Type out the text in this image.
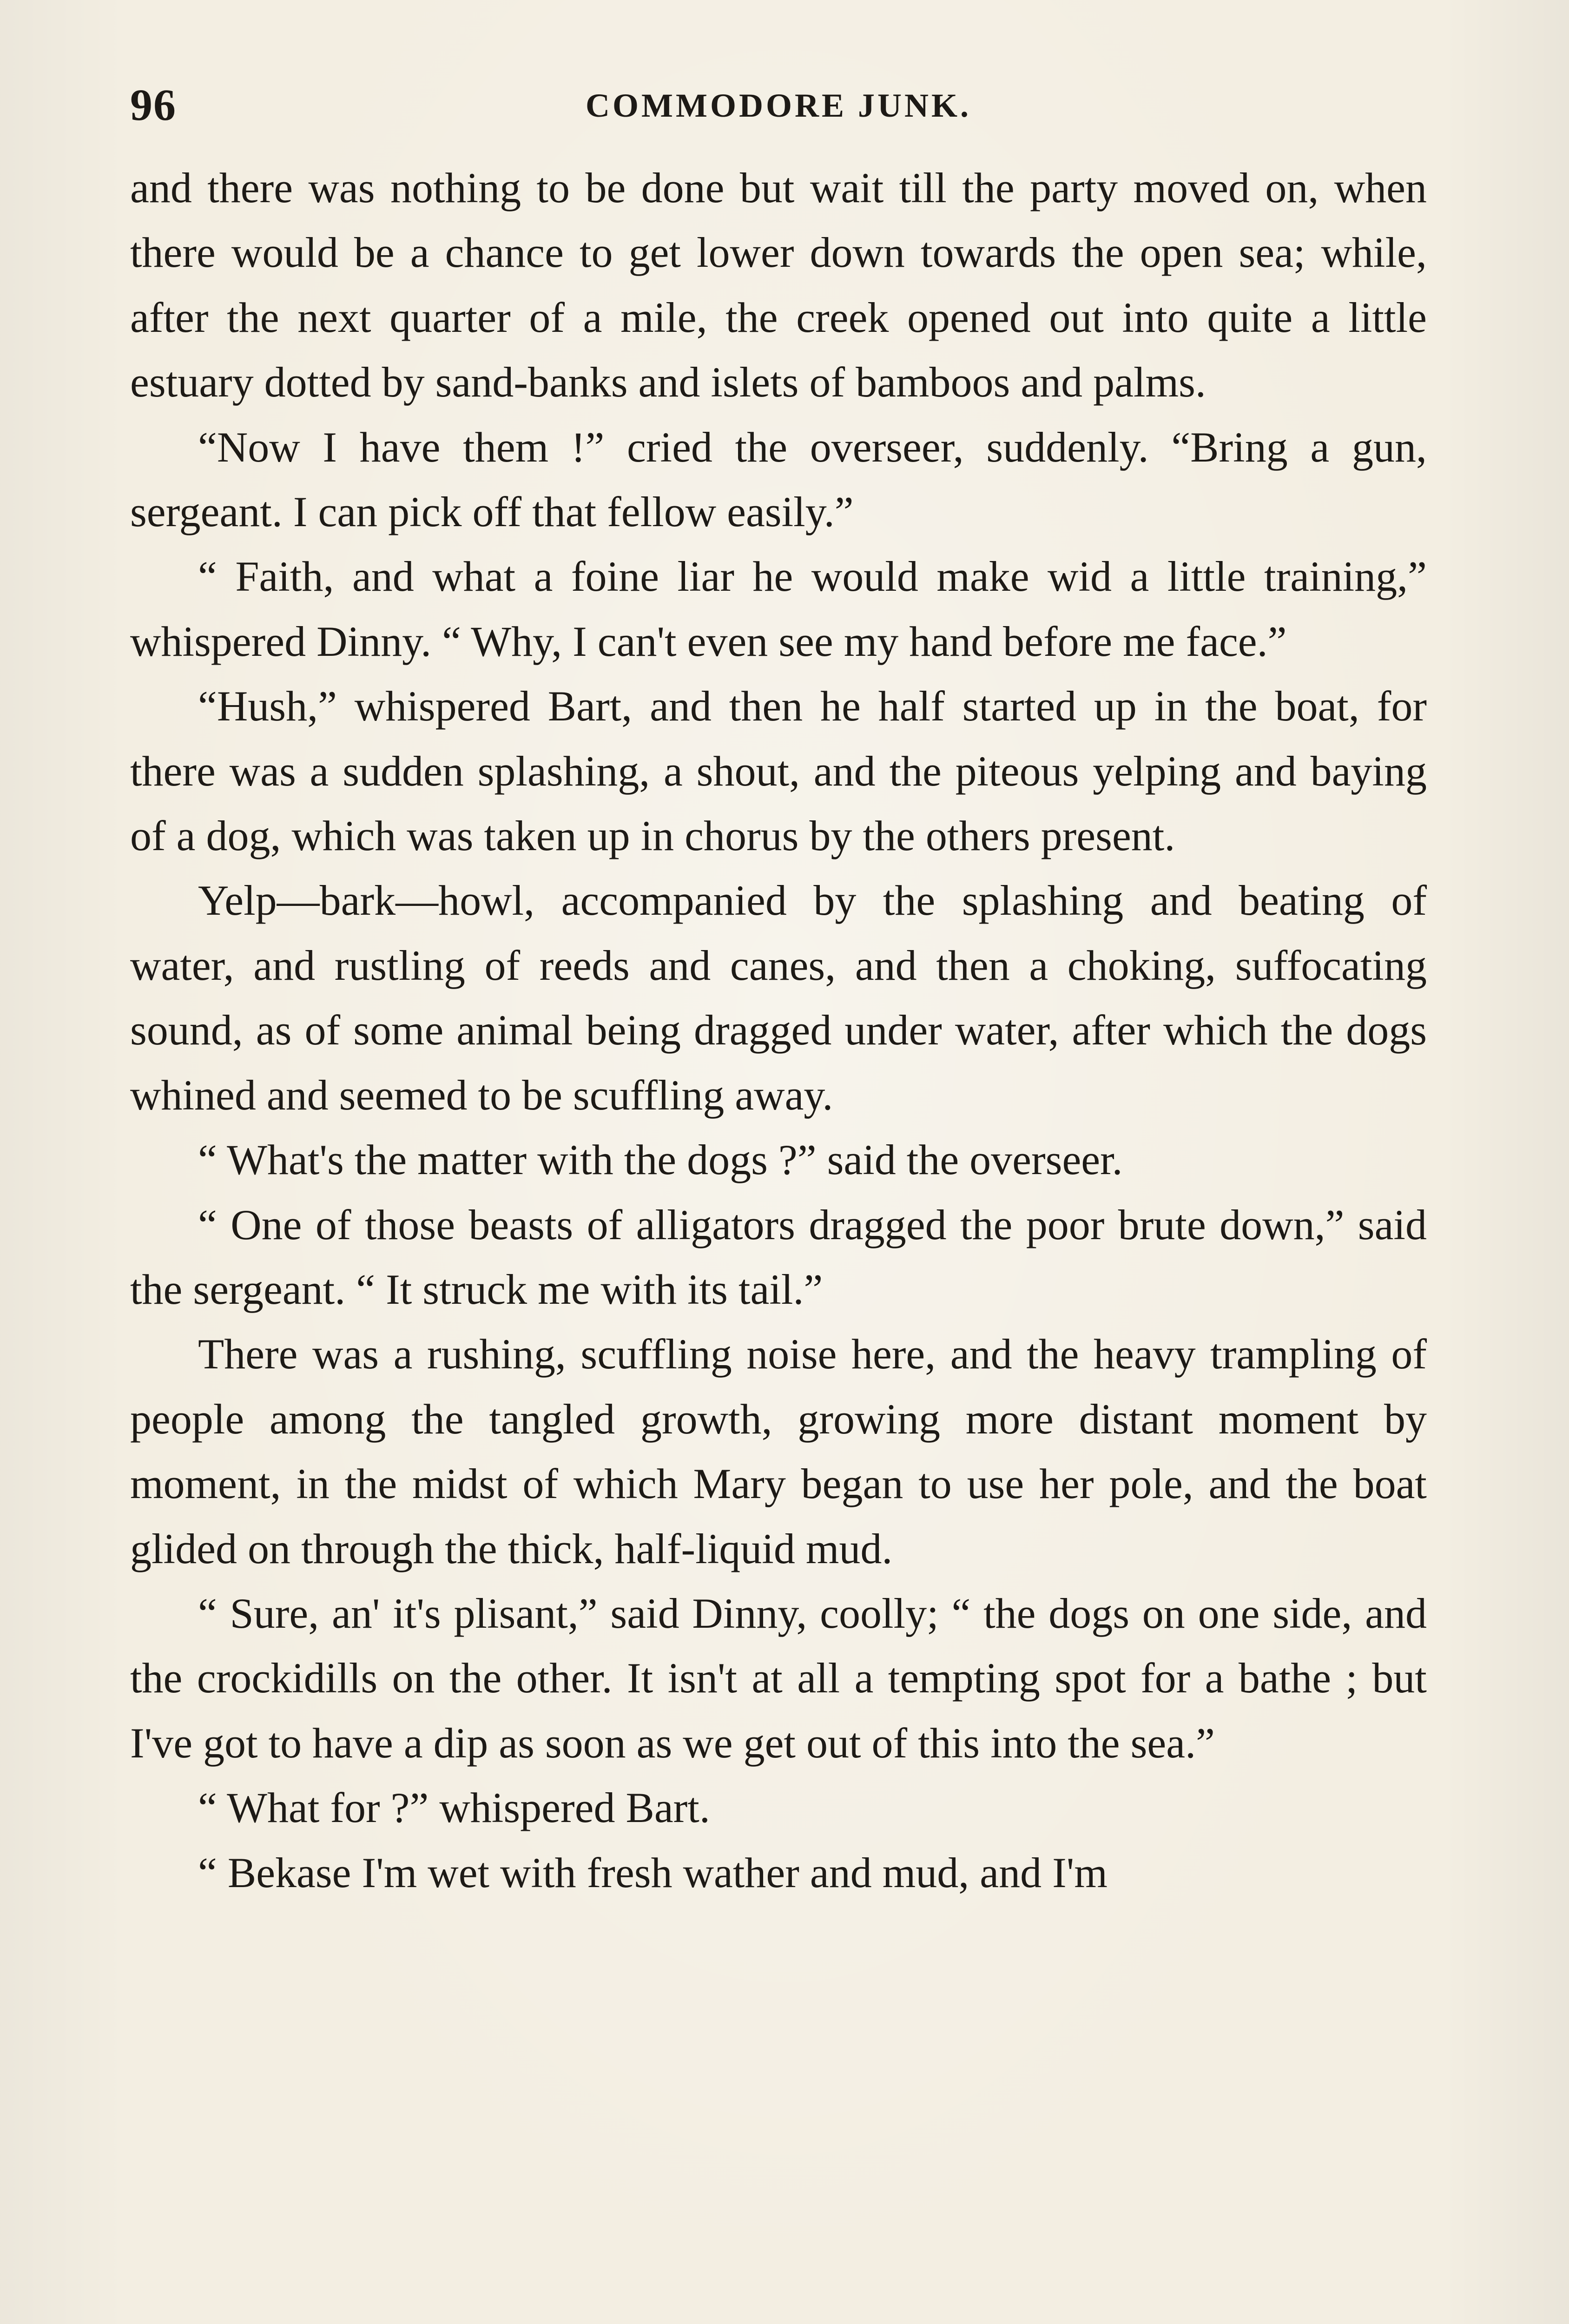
96	COMMODORE JUNK.

and there was nothing to be done but wait till the party moved on, when there would be a chance to get lower down towards the open sea; while, after the next quarter of a mile, the creek opened out into quite a little estuary dotted by sand-banks and islets of bamboos and palms.

“Now I have them !” cried the overseer, suddenly. “Bring a gun, sergeant. I can pick off that fellow easily.”

“ Faith, and what a foine liar he would make wid a little training,” whispered Dinny. “ Why, I can't even see my hand before me face.”

“Hush,” whispered Bart, and then he half started up in the boat, for there was a sudden splashing, a shout, and the piteous yelping and baying of a dog, which was taken up in chorus by the others present.

Yelp—bark—howl, accompanied by the splashing and beating of water, and rustling of reeds and canes, and then a choking, suffocating sound, as of some animal being dragged under water, after which the dogs whined and seemed to be scuffling away.

“ What's the matter with the dogs ?” said the overseer.

“ One of those beasts of alligators dragged the poor brute down,” said the sergeant. “ It struck me with its tail.”

There was a rushing, scuffling noise here, and the heavy trampling of people among the tangled growth, growing more distant moment by moment, in the midst of which Mary began to use her pole, and the boat glided on through the thick, half-liquid mud.

“ Sure, an' it's plisant,” said Dinny, coolly; “ the dogs on one side, and the crockidills on the other. It isn't at all a tempting spot for a bathe ; but I've got to have a dip as soon as we get out of this into the sea.”

“ What for ?” whispered Bart.

“ Bekase I'm wet with fresh wather and mud, and I'm
